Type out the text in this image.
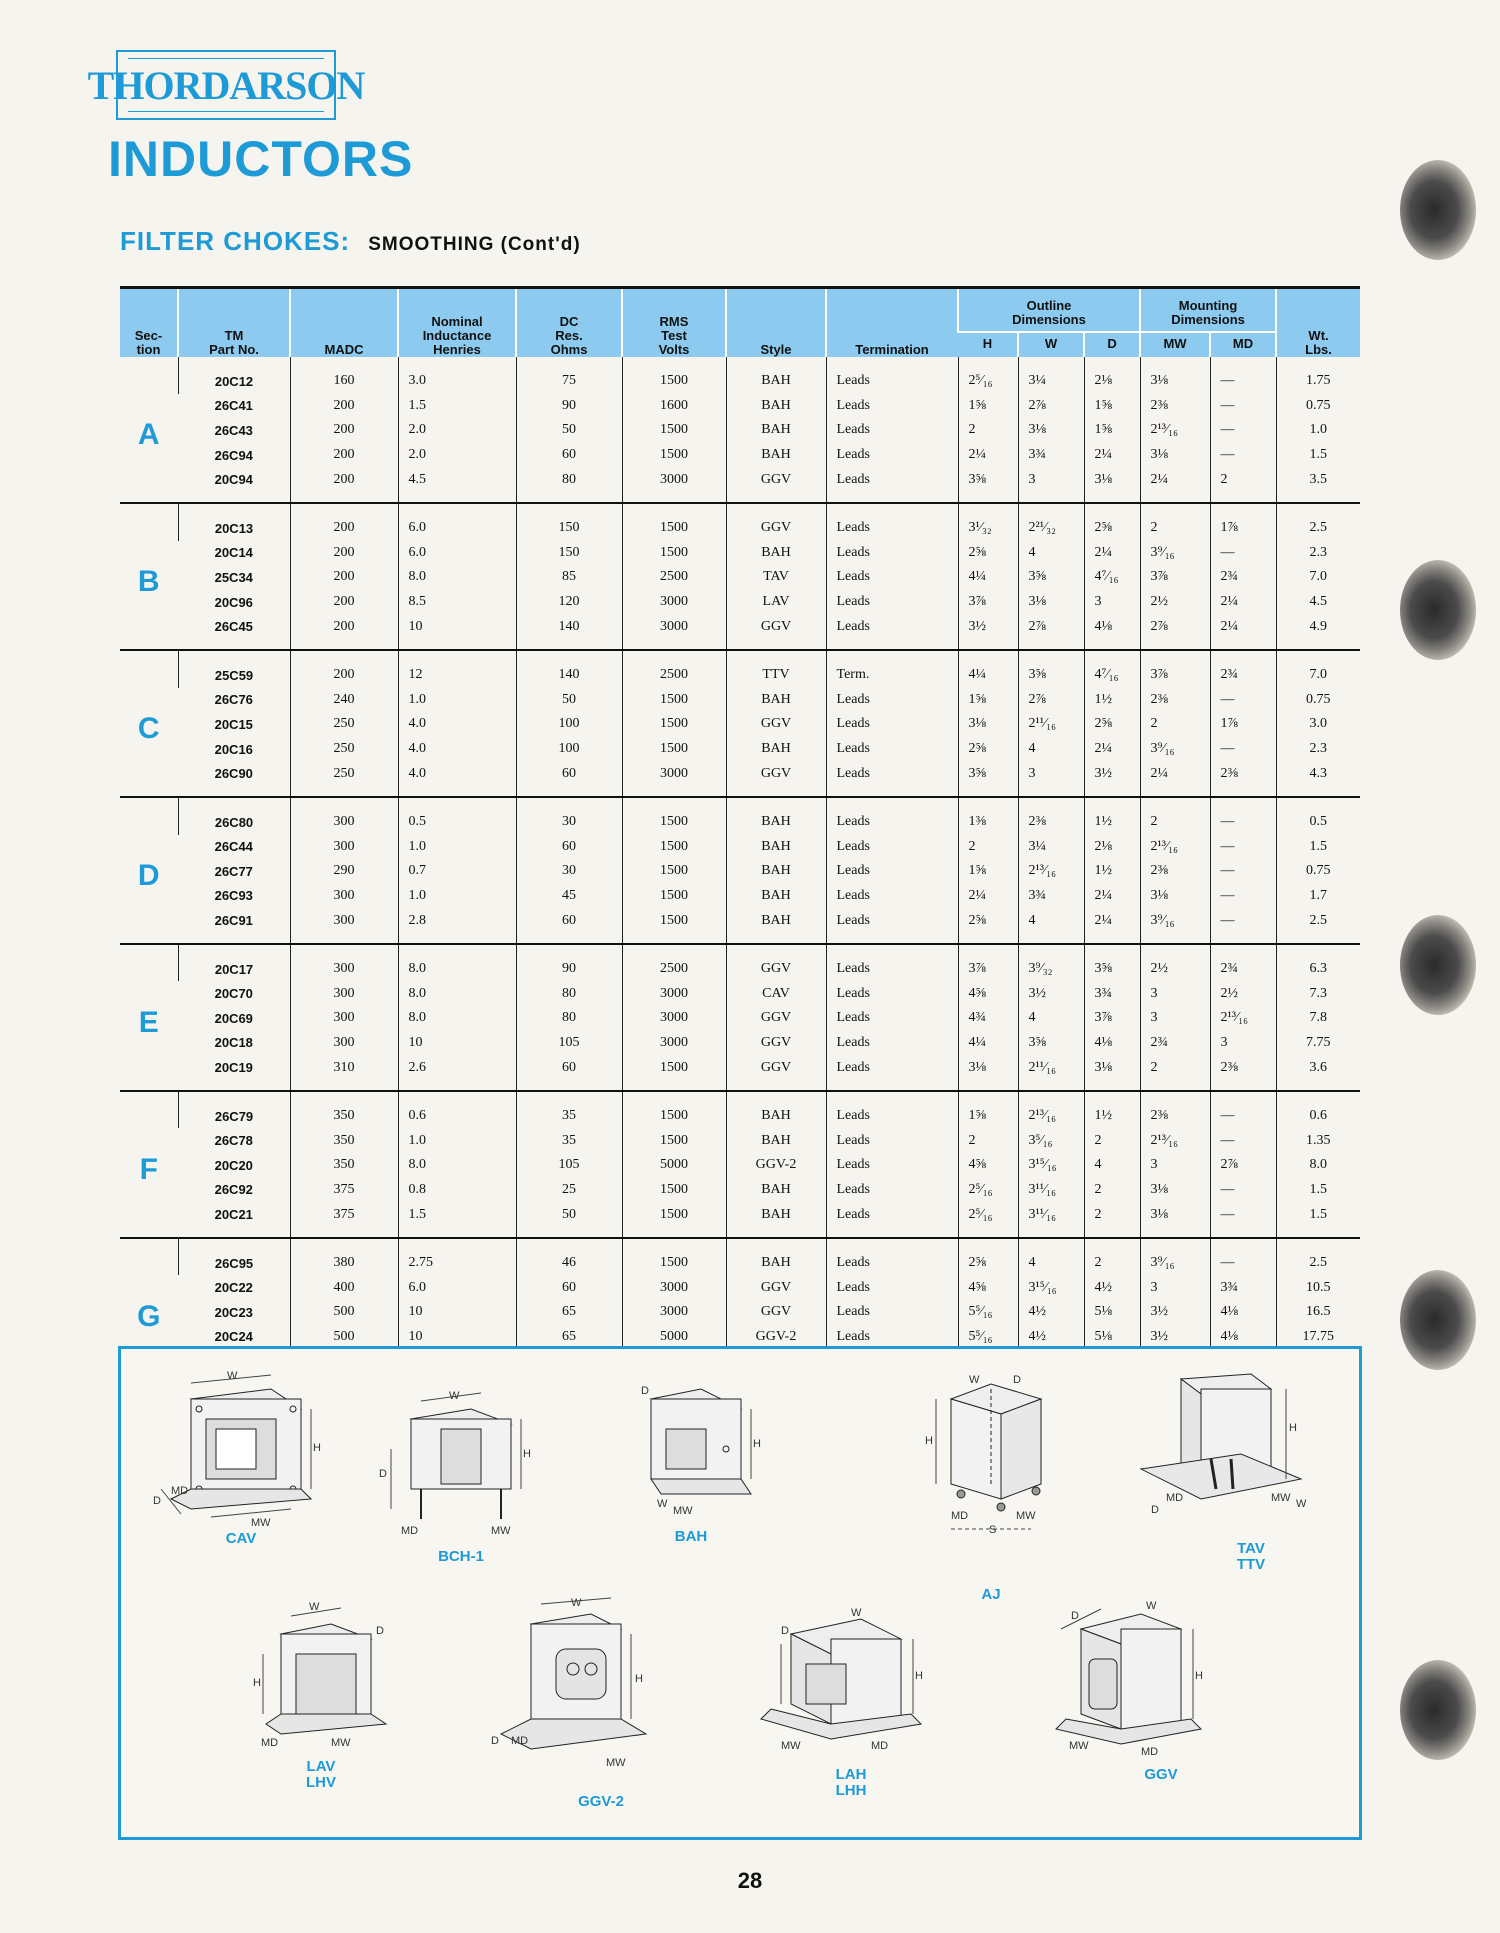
THORDARSON
INDUCTORS
FILTER CHOKES: SMOOTHING (Cont'd)
Sec-
tion	TM
Part No.	MADC	Nominal
Inductance
Henries	DC
Res.
Ohms	RMS
Test
Volts	Style	Termination	Outline
Dimensions			Mounting
Dimensions		Wt.
Lbs.
								H	W	D	MW	MD	
A	20C12	160	3.0	75	1500	BAH	Leads	2⁵⁄₁₆	3¼	2⅛	3⅛	—	1.75
	26C41	200	1.5	90	1600	BAH	Leads	1⅝	2⅞	1⅝	2⅜	—	0.75
	26C43	200	2.0	50	1500	BAH	Leads	2	3⅛	1⅝	2¹³⁄₁₆	—	1.0
	26C94	200	2.0	60	1500	BAH	Leads	2¼	3¾	2¼	3⅛	—	1.5
	20C94	200	4.5	80	3000	GGV	Leads	3⅝	3	3⅛	2¼	2	3.5
B	20C13	200	6.0	150	1500	GGV	Leads	3¹⁄₃₂	2²¹⁄₃₂	2⅝	2	1⅞	2.5
	20C14	200	6.0	150	1500	BAH	Leads	2⅝	4	2¼	3⁹⁄₁₆	—	2.3
	25C34	200	8.0	85	2500	TAV	Leads	4¼	3⅝	4⁷⁄₁₆	3⅞	2¾	7.0
	20C96	200	8.5	120	3000	LAV	Leads	3⅞	3⅛	3	2½	2¼	4.5
	26C45	200	10	140	3000	GGV	Leads	3½	2⅞	4⅛	2⅞	2¼	4.9
C	25C59	200	12	140	2500	TTV	Term.	4¼	3⅝	4⁷⁄₁₆	3⅞	2¾	7.0
	26C76	240	1.0	50	1500	BAH	Leads	1⅝	2⅞	1½	2⅜	—	0.75
	20C15	250	4.0	100	1500	GGV	Leads	3⅛	2¹¹⁄₁₆	2⅝	2	1⅞	3.0
	20C16	250	4.0	100	1500	BAH	Leads	2⅝	4	2¼	3⁹⁄₁₆	—	2.3
	26C90	250	4.0	60	3000	GGV	Leads	3⅝	3	3½	2¼	2⅜	4.3
D	26C80	300	0.5	30	1500	BAH	Leads	1⅜	2⅜	1½	2	—	0.5
	26C44	300	1.0	60	1500	BAH	Leads	2	3¼	2⅛	2¹³⁄₁₆	—	1.5
	26C77	290	0.7	30	1500	BAH	Leads	1⅝	2¹³⁄₁₆	1½	2⅜	—	0.75
	26C93	300	1.0	45	1500	BAH	Leads	2¼	3¾	2¼	3⅛	—	1.7
	26C91	300	2.8	60	1500	BAH	Leads	2⅝	4	2¼	3⁹⁄₁₆	—	2.5
E	20C17	300	8.0	90	2500	GGV	Leads	3⅞	3⁹⁄₃₂	3⅝	2½	2¾	6.3
	20C70	300	8.0	80	3000	CAV	Leads	4⅝	3½	3¾	3	2½	7.3
	20C69	300	8.0	80	3000	GGV	Leads	4¾	4	3⅞	3	2¹³⁄₁₆	7.8
	20C18	300	10	105	3000	GGV	Leads	4¼	3⅝	4⅛	2¾	3	7.75
	20C19	310	2.6	60	1500	GGV	Leads	3⅛	2¹¹⁄₁₆	3⅛	2	2⅜	3.6
F	26C79	350	0.6	35	1500	BAH	Leads	1⅝	2¹³⁄₁₆	1½	2⅜	—	0.6
	26C78	350	1.0	35	1500	BAH	Leads	2	3⁵⁄₁₆	2	2¹³⁄₁₆	—	1.35
	20C20	350	8.0	105	5000	GGV-2	Leads	4⅝	3¹⁵⁄₁₆	4	3	2⅞	8.0
	26C92	375	0.8	25	1500	BAH	Leads	2⁵⁄₁₆	3¹¹⁄₁₆	2	3⅛	—	1.5
	20C21	375	1.5	50	1500	BAH	Leads	2⁵⁄₁₆	3¹¹⁄₁₆	2	3⅛	—	1.5
G	26C95	380	2.75	46	1500	BAH	Leads	2⅝	4	2	3⁹⁄₁₆	—	2.5
	20C22	400	6.0	60	3000	GGV	Leads	4⅝	3¹⁵⁄₁₆	4½	3	3¾	10.5
	20C23	500	10	65	3000	GGV	Leads	5⁵⁄₁₆	4½	5⅛	3½	4⅛	16.5
	20C24	500	10	65	5000	GGV-2	Leads	5⁵⁄₁₆	4½	5⅛	3½	4⅛	17.75

W
H
D
MD
MW
CAV
W
H
D
MD	MW
BCH-1
D
H
W
MW
BAH
W	D
H
MD	MW
S
AJ
H
MD
D
MW W
TAV
TTV
W
D
H
MD	MW
LAV
LHV
W
H
D MD
MW
GGV-2
D
W
H
MW	MD
LAH
LHH
D
W
H
MW	MD
GGV
28
